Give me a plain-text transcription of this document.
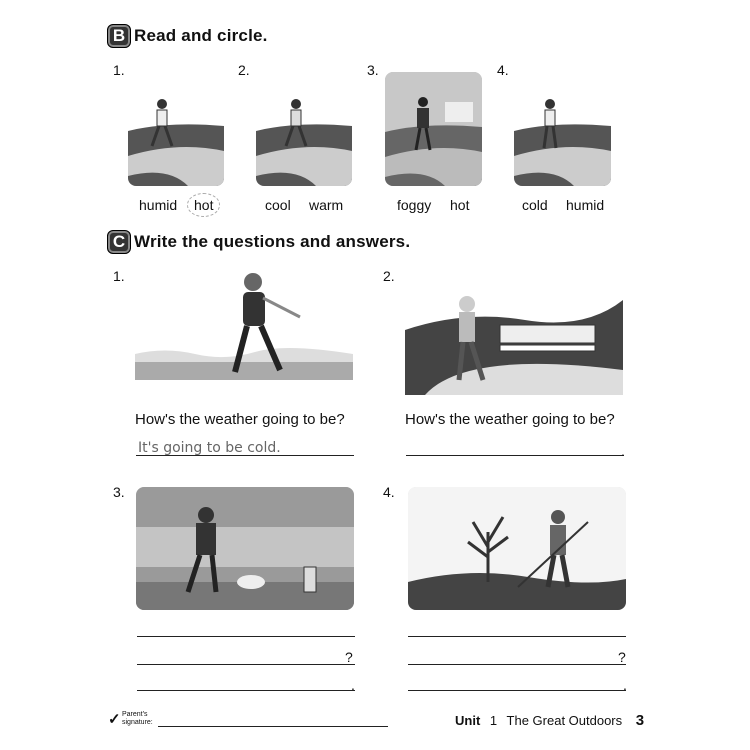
B Read and circle.
1.	2.	3.	4.
humid	hot	cool warm	foggy hot	cold humid
C Write the questions and answers.
1.	2.
How's the weather going to be?	How's the weather going to be?
It's going to be cold.	.
3.	4.
?
.
?
.
✓ Parent's
signature:	Unit 1 The Great Outdoors 3
